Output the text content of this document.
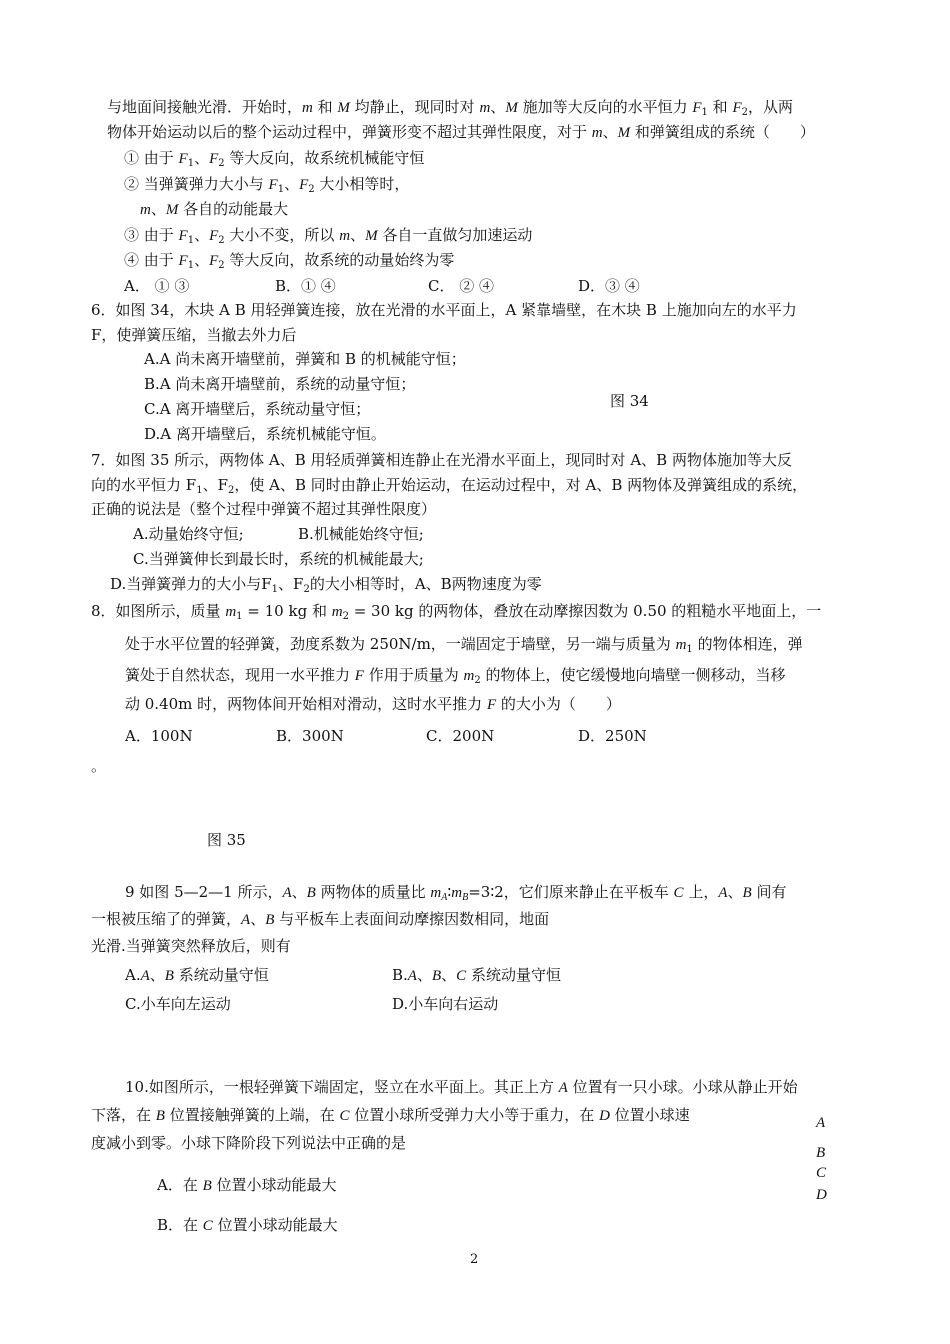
与地面间接触光滑．开始时，m 和 M 均静止，现同时对 m、M 施加等大反向的水平恒力 $F_1$ 和 $F_2$，从两
物体开始运动以后的整个运动过程中，弹簧形变不超过其弹性限度，对于 m、M 和弹簧组成的系统（　　）
① 由于 $F_1$、$F_2$ 等大反向，故系统机械能守恒
② 当弹簧弹力大小与 $F_1$、$F_2$ 大小相等时，
m、M 各自的动能最大
③ 由于 $F_1$、$F_2$ 大小不变，所以 m、M 各自一直做匀加速运动
④ 由于 $F_1$、$F_2$ 等大反向，故系统的动量始终为零
A． ① ③	B．① ④	C． ② ④	D．③ ④
6．如图 34，木块 A B 用轻弹簧连接，放在光滑的水平面上，A 紧靠墙壁，在木块 B 上施加向左的水平力
F，使弹簧压缩，当撤去外力后
A.A 尚未离开墙壁前，弹簧和 B 的机械能守恒；
B.A 尚未离开墙壁前，系统的动量守恒；
C.A 离开墙壁后，系统动量守恒；	图 34
D.A 离开墙壁后，系统机械能守恒。
7．如图 35 所示，两物体 A、B 用轻质弹簧相连静止在光滑水平面上，现同时对 A、B 两物体施加等大反
向的水平恒力 $F_1$、$F_2$，使 A、B 同时由静止开始运动，在运动过程中，对 A、B 两物体及弹簧组成的系统，
正确的说法是（整个过程中弹簧不超过其弹性限度）
A.动量始终守恒;	B.机械能始终守恒;
C.当弹簧伸长到最长时，系统的机械能最大;
D.当弹簧弹力的大小与$F_1$、$F_2$的大小相等时，A、B两物速度为零
8．如图所示，质量 $m_1 = 10$ kg 和 $m_2 = 30$ kg 的两物体，叠放在动摩擦因数为 0.50 的粗糙水平地面上，一
处于水平位置的轻弹簧，劲度系数为 250N/m，一端固定于墙壁，另一端与质量为 $m_1$ 的物体相连，弹
簧处于自然状态，现用一水平推力 F 作用于质量为 $m_2$ 的物体上，使它缓慢地向墙壁一侧移动，当移
动 0.40m 时，两物体间开始相对滑动，这时水平推力 F 的大小为（　　）
A．100N	B．300N	C．200N	D．250N
。
图 35
9 如图 5—2—1 所示，A、B 两物体的质量比 $m_A∶m_B=3∶2$，它们原来静止在平板车 C 上，A、B 间有
一根被压缩了的弹簧，A、B 与平板车上表面间动摩擦因数相同，地面
光滑.当弹簧突然释放后，则有
A.A、B 系统动量守恒	B.A、B、C 系统动量守恒
C.小车向左运动	D.小车向右运动
10.如图所示，一根轻弹簧下端固定，竖立在水平面上。其正上方 A 位置有一只小球。小球从静止开始
下落，在 B 位置接触弹簧的上端，在 C 位置小球所受弹力大小等于重力，在 D 位置小球速
度减小到零。小球下降阶段下列说法中正确的是
A．在 B 位置小球动能最大
B．在 C 位置小球动能最大
A
B
C
D
2
